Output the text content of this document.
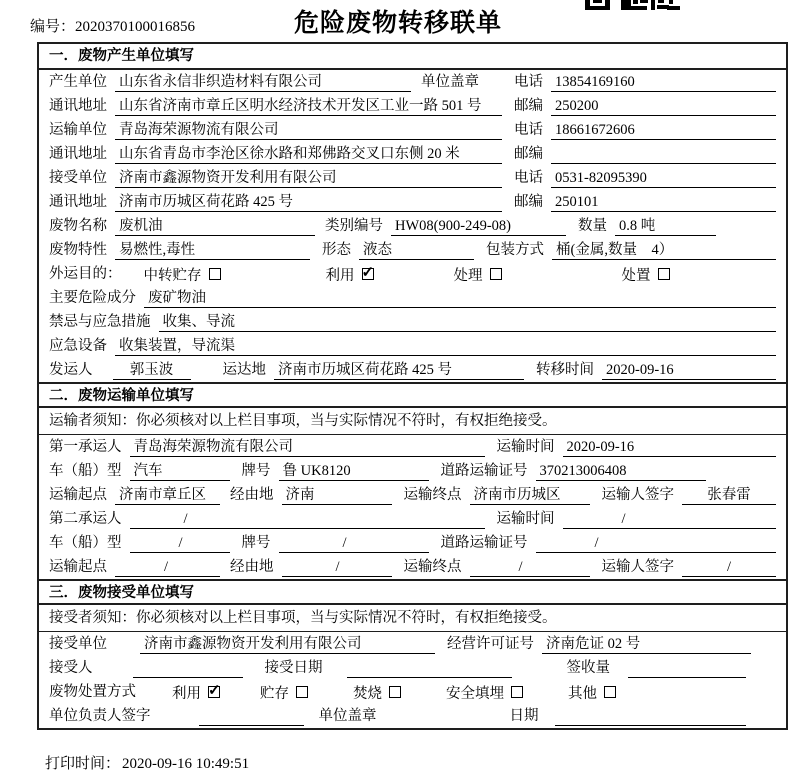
编号：2020370100016856	危险废物转移联单
一．废物产生单位填写
产生单位 山东省永信非织造材料有限公司	单位盖章 电话 13854169160
通讯地址 山东省济南市章丘区明水经济技术开发区工业一路 501 号	邮编 250200
运输单位 青岛海荣源物流有限公司	电话 18661672606
通讯地址 山东省青岛市李沧区徐水路和郑佛路交叉口东侧 20 米	邮编
接受单位 济南市鑫源物资开发利用有限公司	电话 0531-82095390
通讯地址 济南市历城区荷花路 425 号	邮编 250101
废物名称 废机油	类别编号 HW08(900-249-08)	数量 0.8 吨
废物特性 易燃性,毒性	形态 液态	包装方式 桶(金属,数量　4）
外运目的： 中转贮存	利用 ✓	处理	处置
主要危险成分 废矿物油
禁忌与应急措施 收集、导流
应急设备 收集装置，导流渠
发运人	郭玉波	运达地 济南市历城区荷花路 425 号	转移时间 2020-09-16
二．废物运输单位填写
运输者须知：你必须核对以上栏目事项，当与实际情况不符时，有权拒绝接受。
第一承运人 青岛海荣源物流有限公司	运输时间 2020-09-16
车（船）型 汽车	牌号 鲁 UK8120	道路运输证号 370213006408
运输起点 济南市章丘区	经由地 济南	运输终点 济南市历城区	运输人签字	张春雷
第二承运人	/	运输时间	/
车（船）型	/	牌号	/	道路运输证号	/
运输起点	/	经由地	/	运输终点	/	运输人签字	/
三．废物接受单位填写
接受者须知：你必须核对以上栏目事项，当与实际情况不符时，有权拒绝接受。
接受单位	济南市鑫源物资开发利用有限公司	经营许可证号 济南危证 02 号
接受人	接受日期	签收量
废物处置方式 利用 ✓	贮存	焚烧	安全填埋	其他
单位负责人签字	单位盖章	日期
打印时间： 2020-09-16 10:49:51
